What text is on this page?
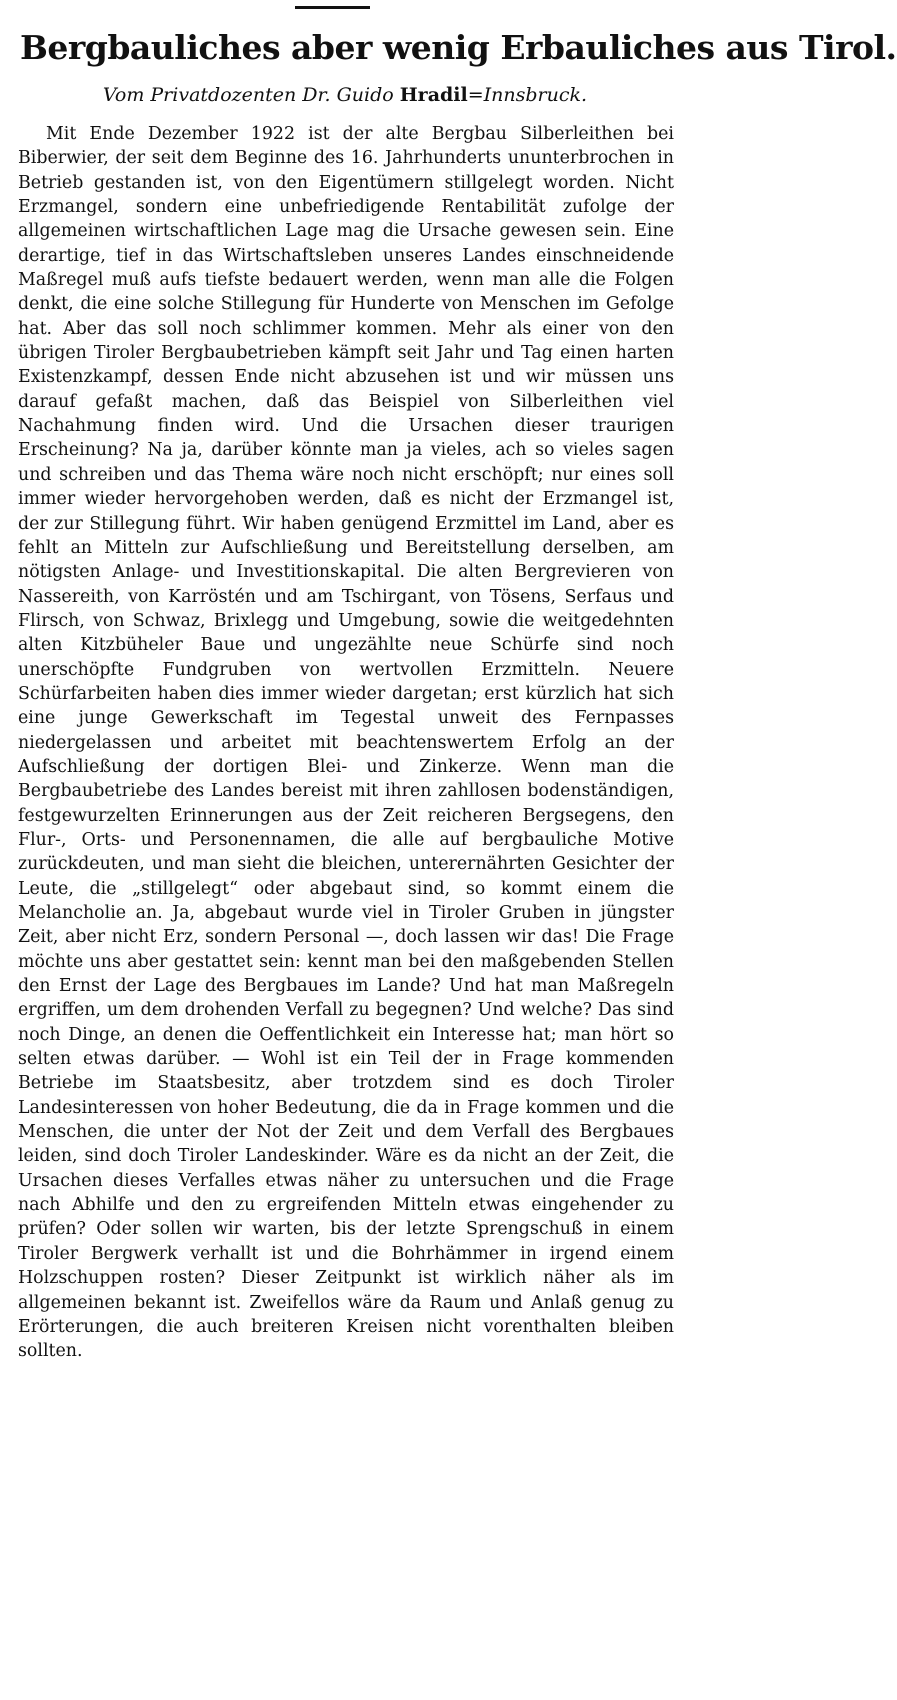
Bergbauliches aber wenig Erbauliches aus Tirol.
Vom Privatdozenten Dr. Guido Hradil=Innsbruck.

Mit Ende Dezember 1922 ist der alte Bergbau Silberleithen bei Biberwier, der seit dem Beginne des 16. Jahrhunderts ununterbrochen in Betrieb gestanden ist, von den Eigentümern stillgelegt worden. Nicht Erzmangel, sondern eine unbefriedigende Rentabilität zufolge der allgemeinen wirtschaftlichen Lage mag die Ursache gewesen sein. Eine derartige, tief in das Wirtschaftsleben unseres Landes einschneidende Maßregel muß aufs tiefste bedauert werden, wenn man alle die Folgen denkt, die eine solche Stillegung für Hunderte von Menschen im Gefolge hat. Aber das soll noch schlimmer kommen. Mehr als einer von den übrigen Tiroler Bergbaubetrieben kämpft seit Jahr und Tag einen harten Existenzkampf, dessen Ende nicht abzusehen ist und wir müssen uns darauf gefaßt machen, daß das Beispiel von Silberleithen viel Nachahmung finden wird. Und die Ursachen dieser traurigen Erscheinung? Na ja, darüber könnte man ja vieles, ach so vieles sagen und schreiben und das Thema wäre noch nicht erschöpft; nur eines soll immer wieder hervorgehoben werden, daß es nicht der Erzmangel ist, der zur Stillegung führt. Wir haben genügend Erzmittel im Land, aber es fehlt an Mitteln zur Aufschließung und Bereitstellung derselben, am nötigsten Anlage- und Investitionskapital. Die alten Bergrevieren von Nassereith, von Karröstén und am Tschirgant, von Tösens, Serfaus und Flirsch, von Schwaz, Brixlegg und Umgebung, sowie die weitgedehnten alten Kitzbüheler Baue und ungezählte neue Schürfe sind noch unerschöpfte Fundgruben von wertvollen Erzmitteln. Neuere Schürfarbeiten haben dies immer wieder dargetan; erst kürzlich hat sich eine junge Gewerkschaft im Tegestal unweit des Fernpasses niedergelassen und arbeitet mit beachtenswertem Erfolg an der Aufschließung der dortigen Blei- und Zinkerze. Wenn man die Bergbaubetriebe des Landes bereist mit ihren zahllosen bodenständigen, festgewurzelten Erinnerungen aus der Zeit reicheren Bergsegens, den Flur-, Orts- und Personennamen, die alle auf bergbauliche Motive zurückdeuten, und man sieht die bleichen, unterernährten Gesichter der Leute, die „stillgelegt“ oder abgebaut sind, so kommt einem die Melancholie an. Ja, abgebaut wurde viel in Tiroler Gruben in jüngster Zeit, aber nicht Erz, sondern Personal —, doch lassen wir das! Die Frage möchte uns aber gestattet sein: kennt man bei den maßgebenden Stellen den Ernst der Lage des Bergbaues im Lande? Und hat man Maßregeln ergriffen, um dem drohenden Verfall zu begegnen? Und welche? Das sind noch Dinge, an denen die Oeffentlichkeit ein Interesse hat; man hört so selten etwas darüber. — Wohl ist ein Teil der in Frage kommenden Betriebe im Staatsbesitz, aber trotzdem sind es doch Tiroler Landesinteressen von hoher Bedeutung, die da in Frage kommen und die Menschen, die unter der Not der Zeit und dem Verfall des Bergbaues leiden, sind doch Tiroler Landeskinder. Wäre es da nicht an der Zeit, die Ursachen dieses Verfalles etwas näher zu untersuchen und die Frage nach Abhilfe und den zu ergreifenden Mitteln etwas eingehender zu prüfen? Oder sollen wir warten, bis der letzte Sprengschuß in einem Tiroler Bergwerk verhallt ist und die Bohrhämmer in irgend einem Holzschuppen rosten? Dieser Zeitpunkt ist wirklich näher als im allgemeinen bekannt ist. Zweifellos wäre da Raum und Anlaß genug zu Erörterungen, die auch breiteren Kreisen nicht vorenthalten bleiben sollten.
